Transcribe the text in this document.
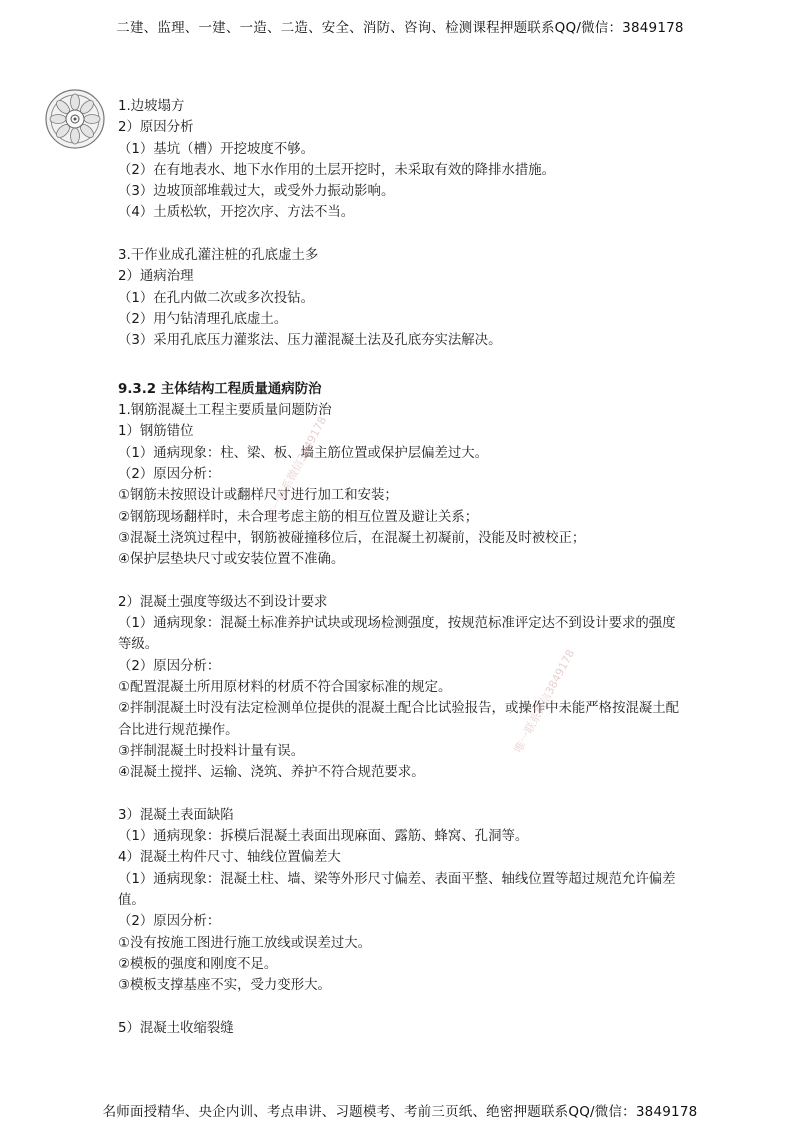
二建、监理、一建、一造、二造、安全、消防、咨询、检测课程押题联系QQ/微信：3849178
1.边坡塌方
2）原因分析
（1）基坑（槽）开挖坡度不够。
（2）在有地表水、地下水作用的土层开挖时，未采取有效的降排水措施。
（3）边坡顶部堆载过大，或受外力振动影响。
（4）土质松软，开挖次序、方法不当。
3.干作业成孔灌注桩的孔底虚土多
2）通病治理
（1）在孔内做二次或多次投钻。
（2）用勺钻清理孔底虚土。
（3）采用孔底压力灌浆法、压力灌混凝土法及孔底夯实法解决。
9.3.2 主体结构工程质量通病防治
1.钢筋混凝土工程主要质量问题防治
1）钢筋错位
（1）通病现象：柱、梁、板、墙主筋位置或保护层偏差过大。
（2）原因分析：
①钢筋未按照设计或翻样尺寸进行加工和安装；
②钢筋现场翻样时，未合理考虑主筋的相互位置及避让关系；
③混凝土浇筑过程中，钢筋被碰撞移位后，在混凝土初凝前，没能及时被校正；
④保护层垫块尺寸或安装位置不准确。
2）混凝土强度等级达不到设计要求
（1）通病现象：混凝土标准养护试块或现场检测强度，按规范标准评定达不到设计要求的强度等级。
（2）原因分析：
①配置混凝土所用原材料的材质不符合国家标准的规定。
②拌制混凝土时没有法定检测单位提供的混凝土配合比试验报告，或操作中未能严格按混凝土配合比进行规范操作。
③拌制混凝土时投料计量有误。
④混凝土搅拌、运输、浇筑、养护不符合规范要求。
3）混凝土表面缺陷
（1）通病现象：拆模后混凝土表面出现麻面、露筋、蜂窝、孔洞等。
4）混凝土构件尺寸、轴线位置偏差大
（1）通病现象：混凝土柱、墙、梁等外形尺寸偏差、表面平整、轴线位置等超过规范允许偏差值。
（2）原因分析：
①没有按施工图进行施工放线或误差过大。
②模板的强度和刚度不足。
③模板支撑基座不实，受力变形大。
5）混凝土收缩裂缝
唯一联系微信3849178
唯一联系微信3849178
名师面授精华、央企内训、考点串讲、习题模考、考前三页纸、绝密押题联系QQ/微信：3849178
